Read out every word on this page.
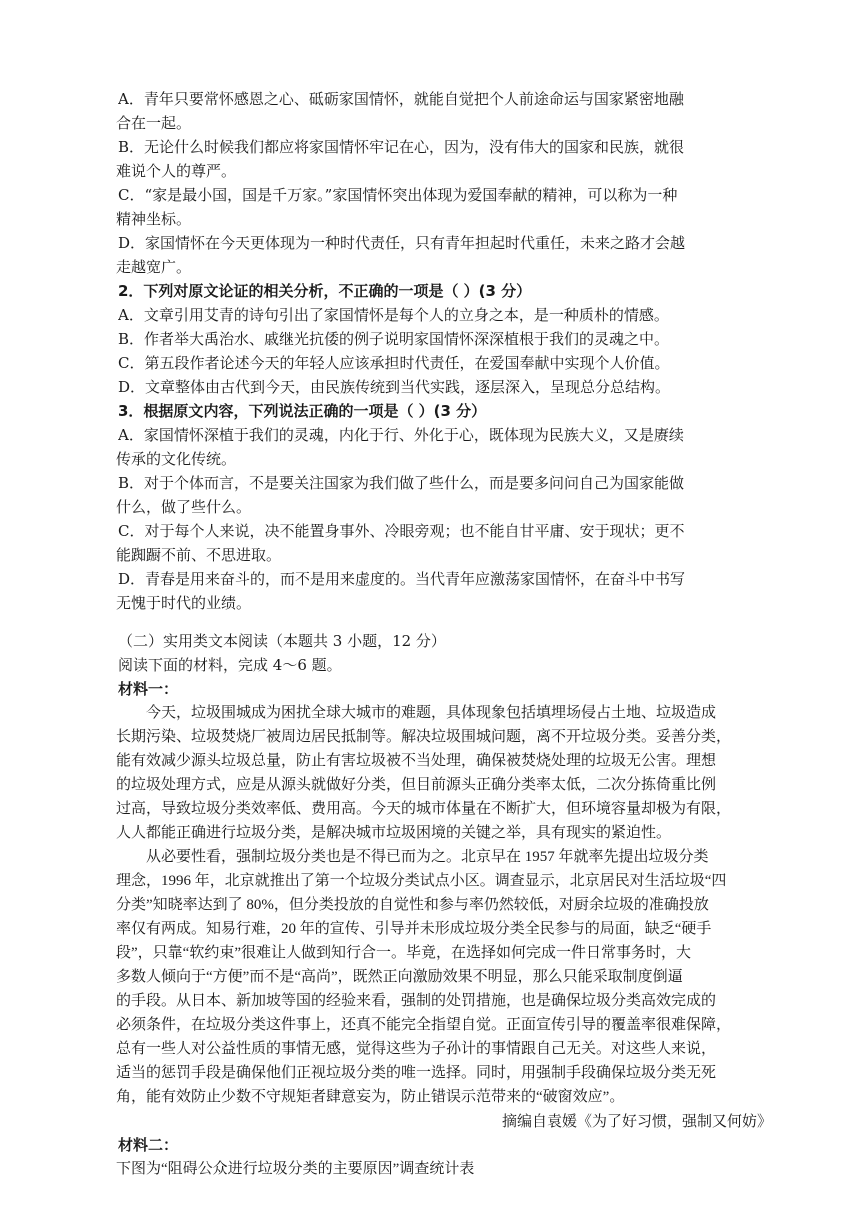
A．青年只要常怀感恩之心、砥砺家国情怀，就能自觉把个人前途命运与国家紧密地融
合在一起。
B．无论什么时候我们都应将家国情怀牢记在心，因为，没有伟大的国家和民族，就很
难说个人的尊严。
C．“家是最小国，国是千万家。”家国情怀突出体现为爱国奉献的精神，可以称为一种
精神坐标。
D．家国情怀在今天更体现为一种时代责任，只有青年担起时代重任，未来之路才会越
走越宽广。
2．下列对原文论证的相关分析，不正确的一项是（ ）(3 分）
A．文章引用艾青的诗句引出了家国情怀是每个人的立身之本，是一种质朴的情感。
B．作者举大禹治水、戚继光抗倭的例子说明家国情怀深深植根于我们的灵魂之中。
C．第五段作者论述今天的年轻人应该承担时代责任，在爱国奉献中实现个人价值。
D．文章整体由古代到今天，由民族传统到当代实践，逐层深入，呈现总分总结构。
3．根据原文内容，下列说法正确的一项是（ ）(3 分）
A．家国情怀深植于我们的灵魂，内化于行、外化于心，既体现为民族大义，又是赓续
传承的文化传统。
B．对于个体而言，不是要关注国家为我们做了些什么，而是要多问问自己为国家能做
什么，做了些什么。
C．对于每个人来说，决不能置身事外、冷眼旁观；也不能自甘平庸、安于现状；更不
能踟蹰不前、不思进取。
D．青春是用来奋斗的，而不是用来虚度的。当代青年应激荡家国情怀，在奋斗中书写
无愧于时代的业绩。
（二）实用类文本阅读（本题共 3 小题，12 分）
阅读下面的材料，完成 4～6 题。
材料一：
今天，垃圾围城成为困扰全球大城市的难题，具体现象包括填埋场侵占土地、垃圾造成
长期污染、垃圾焚烧厂被周边居民抵制等。解决垃圾围城问题，离不开垃圾分类。妥善分类，
能有效减少源头垃圾总量，防止有害垃圾被不当处理，确保被焚烧处理的垃圾无公害。理想
的垃圾处理方式，应是从源头就做好分类，但目前源头正确分类率太低，二次分拣倚重比例
过高，导致垃圾分类效率低、费用高。今天的城市体量在不断扩大，但环境容量却极为有限，
人人都能正确进行垃圾分类，是解决城市垃圾困境的关键之举，具有现实的紧迫性。
从必要性看，强制垃圾分类也是不得已而为之。北京早在 1957 年就率先提出垃圾分类
理念，1996 年，北京就推出了第一个垃圾分类试点小区。调查显示，北京居民对生活垃圾“四
分类”知晓率达到了 80%，但分类投放的自觉性和参与率仍然较低，对厨余垃圾的准确投放
率仅有两成。知易行难，20 年的宣传、引导并未形成垃圾分类全民参与的局面，缺乏“硬手
段”，只靠“软约束”很难让人做到知行合一。毕竟，在选择如何完成一件日常事务时，大
多数人倾向于“方便”而不是“高尚”，既然正向激励效果不明显，那么只能采取制度倒逼
的手段。从日本、新加坡等国的经验来看，强制的处罚措施，也是确保垃圾分类高效完成的
必须条件，在垃圾分类这件事上，还真不能完全指望自觉。正面宣传引导的覆盖率很难保障，
总有一些人对公益性质的事情无感，觉得这些为子孙计的事情跟自己无关。对这些人来说，
适当的惩罚手段是确保他们正视垃圾分类的唯一选择。同时，用强制手段确保垃圾分类无死
角，能有效防止少数不守规矩者肆意妄为，防止错误示范带来的“破窗效应”。
摘编自袁媛《为了好习惯，强制又何妨》
材料二：
下图为“阻碍公众进行垃圾分类的主要原因”调查统计表
